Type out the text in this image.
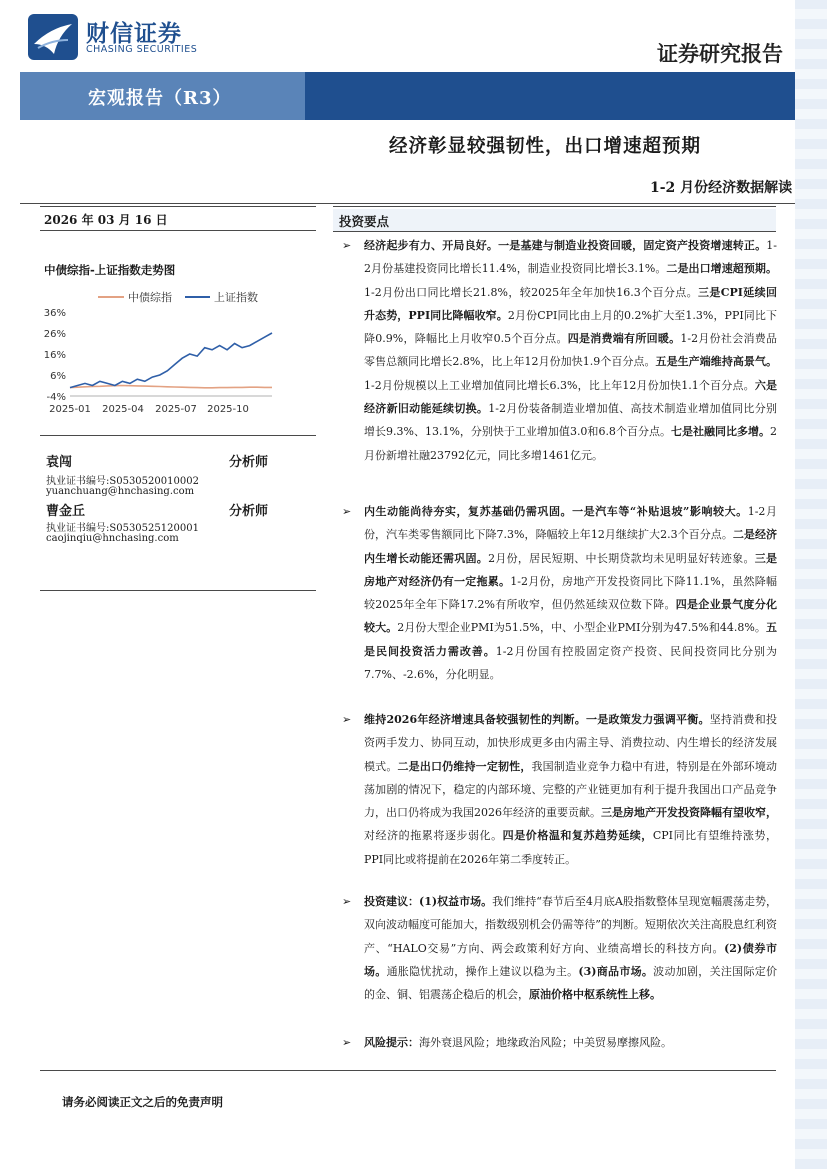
财信证券
CHASING SECURITIES	证券研究报告
宏观报告（R3）
经济彰显较强韧性，出口增速超预期
1-2 月份经济数据解读
2026 年 03 月 16 日
中债综指-上证指数走势图
中债综指	上证指数
36%
26%
16%
6%
-4%
2025-01 2025-04 2025-07 2025-10
袁闯	分析师
执业证书编号:S0530520010002
yuanchuang@hnchasing.com
曹金丘	分析师
执业证书编号:S0530525120001
caojinqiu@hnchasing.com
投资要点
➢	经济起步有力、开局良好。一是基建与制造业投资回暖，固定资产投资增速转正。1-2月份基建投资同比增长11.4%，制造业投资同比增长3.1%。二是出口增速超预期。1-2月份出口同比增长21.8%，较2025年全年加快16.3个百分点。三是CPI延续回升态势，PPI同比降幅收窄。2月份CPI同比由上月的0.2%扩大至1.3%，PPI同比下降0.9%，降幅比上月收窄0.5个百分点。四是消费端有所回暖。1-2月份社会消费品零售总额同比增长2.8%，比上年12月份加快1.9个百分点。五是生产端维持高景气。1-2月份规模以上工业增加值同比增长6.3%，比上年12月份加快1.1个百分点。六是经济新旧动能延续切换。1-2月份装备制造业增加值、高技术制造业增加值同比分别增长9.3%、13.1%，分别快于工业增加值3.0和6.8个百分点。七是社融同比多增。2月份新增社融23792亿元，同比多增1461亿元。
➢	内生动能尚待夯实，复苏基础仍需巩固。一是汽车等“补贴退坡”影响较大。1-2月份，汽车类零售额同比下降7.3%，降幅较上年12月继续扩大2.3个百分点。二是经济内生增长动能还需巩固。2月份，居民短期、中长期贷款均未见明显好转迹象。三是房地产对经济仍有一定拖累。1-2月份，房地产开发投资同比下降11.1%，虽然降幅较2025年全年下降17.2%有所收窄，但仍然延续双位数下降。四是企业景气度分化较大。2月份大型企业PMI为51.5%，中、小型企业PMI分别为47.5%和44.8%。五是民间投资活力需改善。1-2月份国有控股固定资产投资、民间投资同比分别为7.7%、-2.6%，分化明显。
➢	维持2026年经济增速具备较强韧性的判断。一是政策发力强调平衡。坚持消费和投资两手发力、协同互动，加快形成更多由内需主导、消费拉动、内生增长的经济发展模式。二是出口仍维持一定韧性，我国制造业竞争力稳中有进，特别是在外部环境动荡加剧的情况下，稳定的内部环境、完整的产业链更加有利于提升我国出口产品竞争力，出口仍将成为我国2026年经济的重要贡献。三是房地产开发投资降幅有望收窄，对经济的拖累将逐步弱化。四是价格温和复苏趋势延续，CPI同比有望维持涨势，PPI同比或将提前在2026年第二季度转正。
➢	投资建议：(1)权益市场。我们维持“春节后至4月底A股指数整体呈现宽幅震荡走势，双向波动幅度可能加大，指数级别机会仍需等待”的判断。短期依次关注高股息红利资产、“HALO交易”方向、两会政策利好方向、业绩高增长的科技方向。(2)债券市场。通胀隐忧扰动，操作上建议以稳为主。(3)商品市场。波动加剧，关注国际定价的金、铜、铝震荡企稳后的机会，原油价格中枢系统性上移。
➢	风险提示：海外衰退风险；地缘政治风险；中美贸易摩擦风险。
请务必阅读正文之后的免责声明
